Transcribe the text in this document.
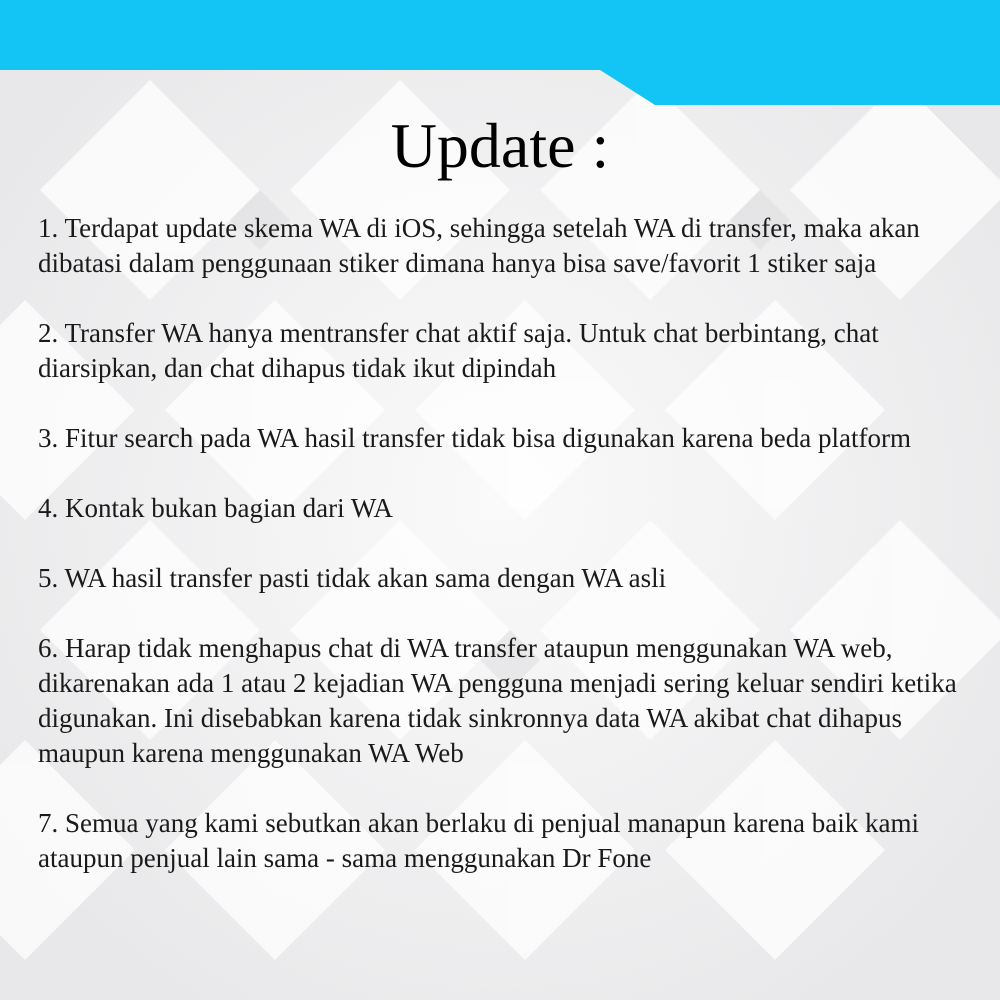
Update :

1. Terdapat update skema WA di iOS, sehingga setelah WA di transfer, maka akan dibatasi dalam penggunaan stiker dimana hanya bisa save/favorit 1 stiker saja

2. Transfer WA hanya mentransfer chat aktif saja. Untuk chat berbintang, chat diarsipkan, dan chat dihapus tidak ikut dipindah

3. Fitur search pada WA hasil transfer tidak bisa digunakan karena beda platform

4. Kontak bukan bagian dari WA

5. WA hasil transfer pasti tidak akan sama dengan WA asli

6. Harap tidak menghapus chat di WA transfer ataupun menggunakan WA web, dikarenakan ada 1 atau 2 kejadian WA pengguna menjadi sering keluar sendiri ketika digunakan. Ini disebabkan karena tidak sinkronnya data WA akibat chat dihapus maupun karena menggunakan WA Web

7. Semua yang kami sebutkan akan berlaku di penjual manapun karena baik kami ataupun penjual lain sama - sama menggunakan Dr Fone
